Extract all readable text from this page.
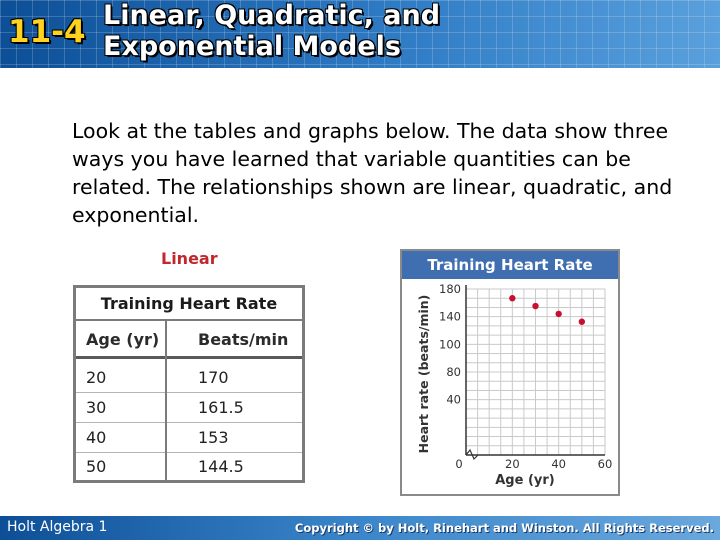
11-4 Linear, Quadratic, and
Exponential Models
Look at the tables and graphs below. The data show three ways you have learned that variable quantities can be related. The relationships shown are linear, quadratic, and exponential.
Linear
Training Heart Rate
Age (yr)	Beats/min
20	170
30	161.5
40	153
50	144.5
Training Heart Rate
40
80
100
140
180
0	20	40	60
Heart rate (beats/min)
Age (yr)
Holt Algebra 1	Copyright © by Holt, Rinehart and Winston. All Rights Reserved.
